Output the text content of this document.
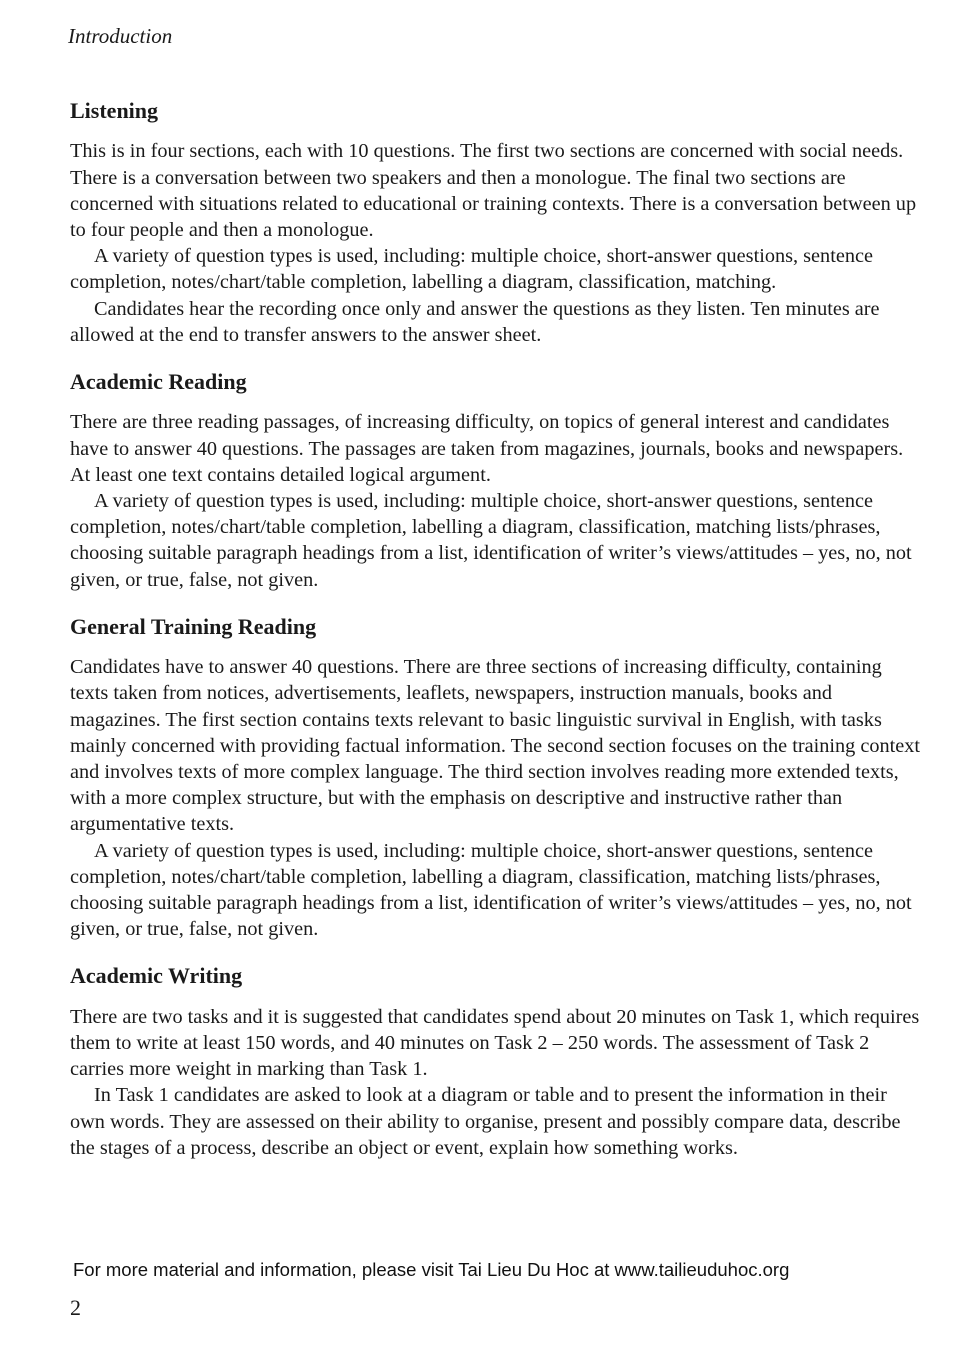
Introduction
Listening

This is in four sections, each with 10 questions. The first two sections are concerned with social needs. There is a conversation between two speakers and then a monologue. The final two sections are concerned with situations related to educational or training contexts. There is a conversation between up to four people and then a monologue.

A variety of question types is used, including: multiple choice, short-answer questions, sentence completion, notes/chart/table completion, labelling a diagram, classification, matching.

Candidates hear the recording once only and answer the questions as they listen. Ten minutes are allowed at the end to transfer answers to the answer sheet.

Academic Reading

There are three reading passages, of increasing difficulty, on topics of general interest and candidates have to answer 40 questions. The passages are taken from magazines, journals, books and newspapers. At least one text contains detailed logical argument.

A variety of question types is used, including: multiple choice, short-answer questions, sentence completion, notes/chart/table completion, labelling a diagram, classification, matching lists/phrases, choosing suitable paragraph headings from a list, identification of writer’s views/attitudes – yes, no, not given, or true, false, not given.

General Training Reading

Candidates have to answer 40 questions. There are three sections of increasing difficulty, containing texts taken from notices, advertisements, leaflets, newspapers, instruction manuals, books and magazines. The first section contains texts relevant to basic linguistic survival in English, with tasks mainly concerned with providing factual information. The second section focuses on the training context and involves texts of more complex language. The third section involves reading more extended texts, with a more complex structure, but with the emphasis on descriptive and instructive rather than argumentative texts.

A variety of question types is used, including: multiple choice, short-answer questions, sentence completion, notes/chart/table completion, labelling a diagram, classification, matching lists/phrases, choosing suitable paragraph headings from a list, identification of writer’s views/attitudes – yes, no, not given, or true, false, not given.

Academic Writing

There are two tasks and it is suggested that candidates spend about 20 minutes on Task 1, which requires them to write at least 150 words, and 40 minutes on Task 2 – 250 words. The assessment of Task 2 carries more weight in marking than Task 1.

In Task 1 candidates are asked to look at a diagram or table and to present the information in their own words. They are assessed on their ability to organise, present and possibly compare data, describe the stages of a process, describe an object or event, explain how something works.

For more material and information, please visit Tai Lieu Du Hoc at www.tailieuduhoc.org
2
